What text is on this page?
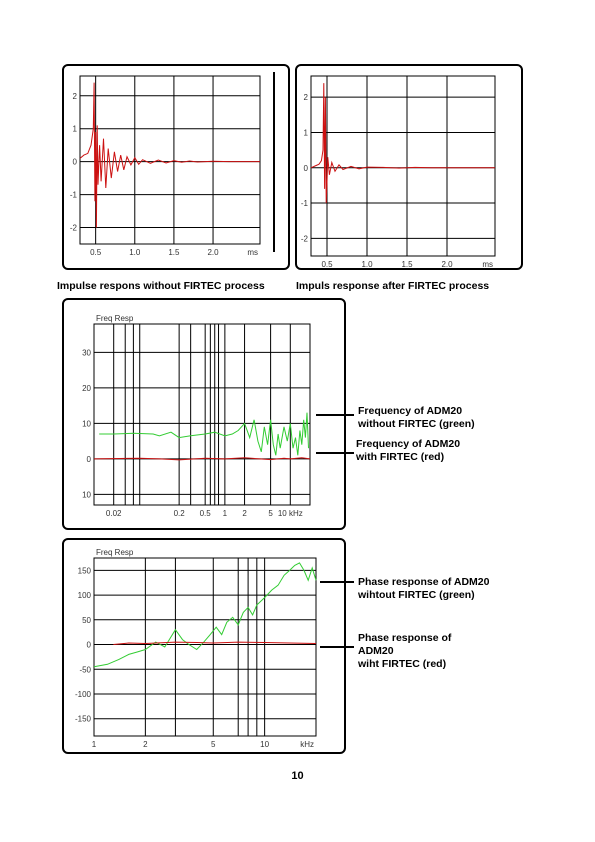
2
1
0
-1
-2
0.5	1.0	1.5	2.0	ms
2
1
0
-1
-2
0.5	1.0	1.5	2.0	ms
Impulse respons without FIRTEC process	Impuls response after FIRTEC process
30
20
10
0
10
0.02	0.2 0.5 1 2	5 10 kHz
Freq Resp
Frequency of ADM20
without FIRTEC (green)
Frequency of ADM20
with FIRTEC (red)
150
100
50
0
-50
-100
-150
1	2	5	10	kHz
Freq Resp
Phase response of ADM20
wihtout FIRTEC (green)
Phase response of
ADM20
wiht FIRTEC (red)
10
